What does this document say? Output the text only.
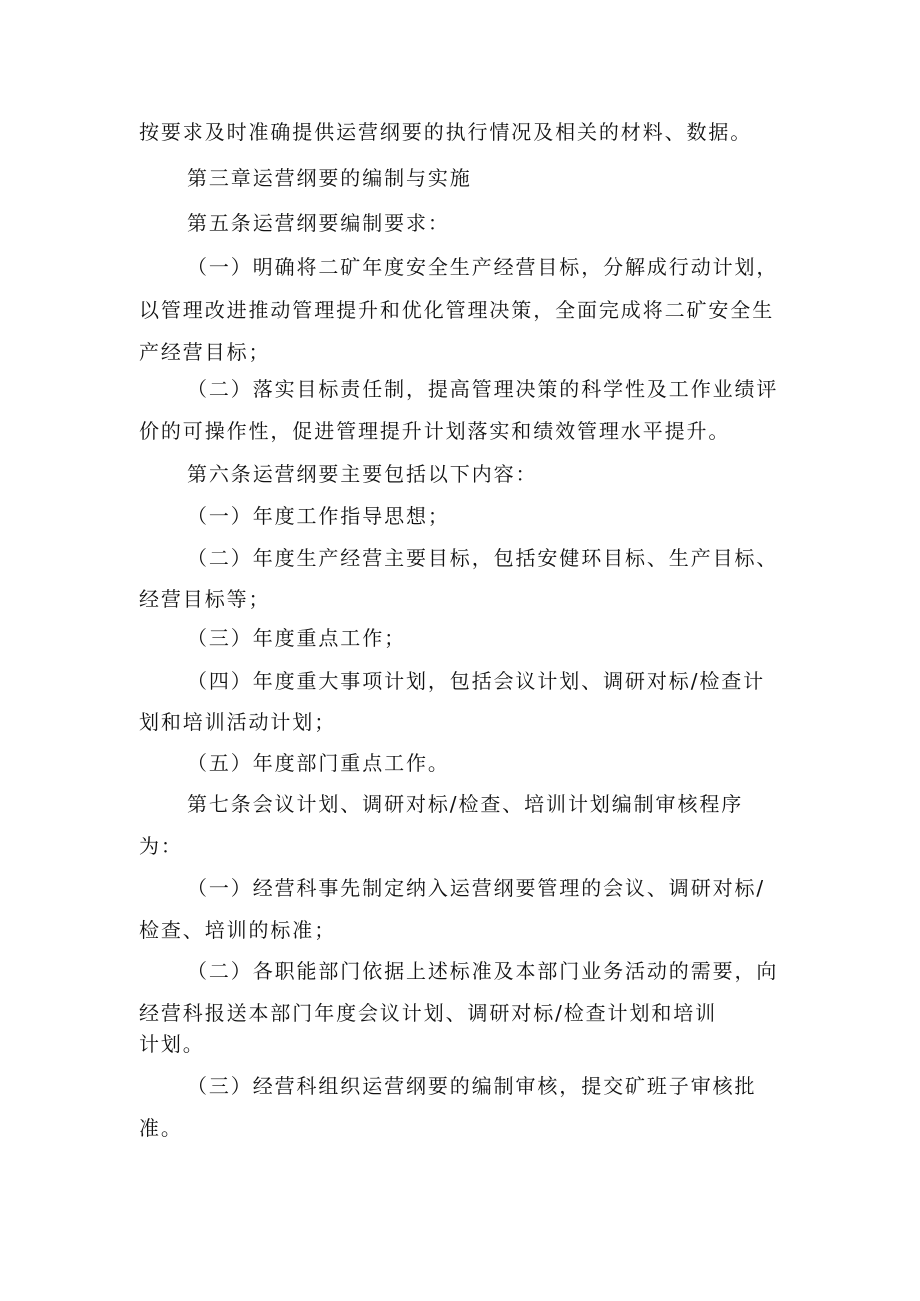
按要求及时准确提供运营纲要的执行情况及相关的材料、数据。
第三章运营纲要的编制与实施
第五条运营纲要编制要求：
（一）明确将二矿年度安全生产经营目标，分解成行动计划，
以管理改进推动管理提升和优化管理决策，全面完成将二矿安全生
产经营目标；
（二）落实目标责任制，提高管理决策的科学性及工作业绩评
价的可操作性，促进管理提升计划落实和绩效管理水平提升。
第六条运营纲要主要包括以下内容：
（一）年度工作指导思想；
（二）年度生产经营主要目标，包括安健环目标、生产目标、
经营目标等；
（三）年度重点工作；
（四）年度重大事项计划，包括会议计划、调研对标/检查计
划和培训活动计划；
（五）年度部门重点工作。
第七条会议计划、调研对标/检查、培训计划编制审核程序
为：
（一）经营科事先制定纳入运营纲要管理的会议、调研对标/
检查、培训的标准；
（二）各职能部门依据上述标准及本部门业务活动的需要，向
经营科报送本部门年度会议计划、调研对标/检查计划和培训
计划。
（三）经营科组织运营纲要的编制审核，提交矿班子审核批
准。
